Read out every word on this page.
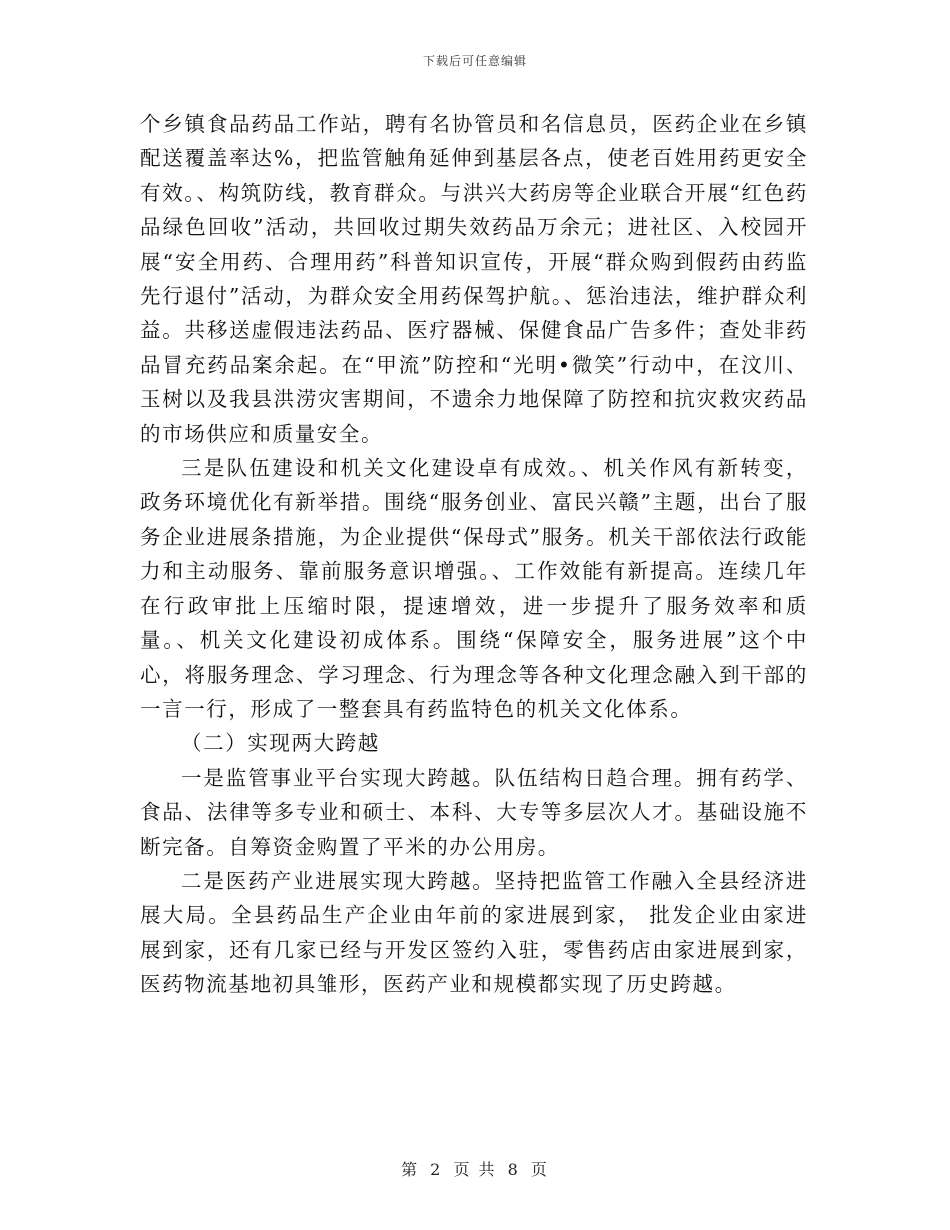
下载后可任意编辑

个乡镇食品药品工作站，聘有名协管员和名信息员，医药企业在乡镇配送覆盖率达%，把监管触角延伸到基层各点，使老百姓用药更安全有效。、构筑防线，教育群众。与洪兴大药房等企业联合开展“红色药品绿色回收”活动，共回收过期失效药品万余元；进社区、入校园开展“安全用药、合理用药”科普知识宣传，开展“群众购到假药由药监先行退付”活动，为群众安全用药保驾护航。、惩治违法，维护群众利益。共移送虚假违法药品、医疗器械、保健食品广告多件；查处非药品冒充药品案余起。在“甲流”防控和“光明•微笑”行动中，在汶川、玉树以及我县洪涝灾害期间，不遗余力地保障了防控和抗灾救灾药品的市场供应和质量安全。

三是队伍建设和机关文化建设卓有成效。、机关作风有新转变，政务环境优化有新举措。围绕“服务创业、富民兴赣”主题，出台了服务企业进展条措施，为企业提供“保母式”服务。机关干部依法行政能力和主动服务、靠前服务意识增强。、工作效能有新提高。连续几年在行政审批上压缩时限，提速增效，进一步提升了服务效率和质量。、机关文化建设初成体系。围绕“保障安全，服务进展”这个中心，将服务理念、学习理念、行为理念等各种文化理念融入到干部的一言一行，形成了一整套具有药监特色的机关文化体系。

（二）实现两大跨越

一是监管事业平台实现大跨越。队伍结构日趋合理。拥有药学、食品、法律等多专业和硕士、本科、大专等多层次人才。基础设施不断完备。自筹资金购置了平米的办公用房。

二是医药产业进展实现大跨越。坚持把监管工作融入全县经济进展大局。全县药品生产企业由年前的家进展到家， 批发企业由家进展到家，还有几家已经与开发区签约入驻，零售药店由家进展到家，医药物流基地初具雏形，医药产业和规模都实现了历史跨越。

第 2 页 共 8 页
